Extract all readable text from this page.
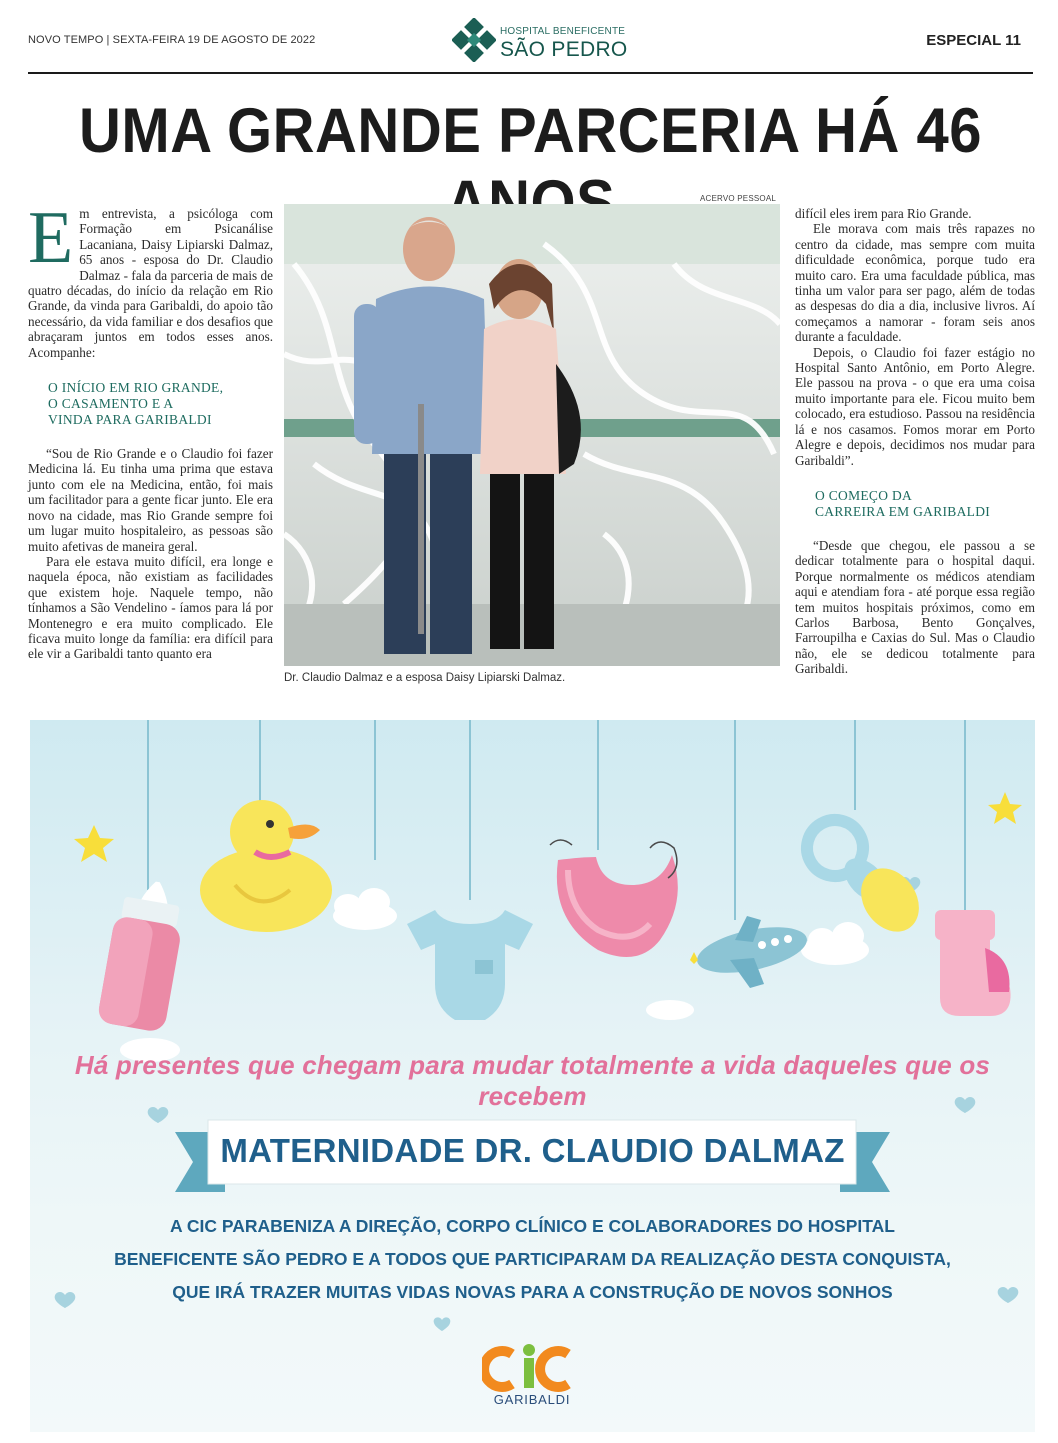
NOVO TEMPO | SEXTA-FEIRA 19 DE AGOSTO DE 2022
HOSPITAL BENEFICENTE
SÃO PEDRO	ESPECIAL 11
UMA GRANDE PARCERIA HÁ 46

Em entrevista, a psicóloga com Formação em Psicanálise Lacaniana, Daisy Lipiarski Dalmaz, 65 anos - esposa do Dr. Claudio Dalmaz - fala da parceria de mais de quatro décadas, do início da relação em Rio Grande, da vinda para Garibaldi, do apoio tão necessário, da vida familiar e dos desafios que abraçaram juntos em todos esses anos. Acompanhe:

O INÍCIO EM RIO GRANDE,
O CASAMENTO E A
VINDA PARA GARIBALDI

“Sou de Rio Grande e o Claudio foi fazer Medicina lá. Eu tinha uma prima que estava junto com ele na Medicina, então, foi mais um facilitador para a gente ficar junto. Ele era novo na cidade, mas Rio Grande sempre foi um lugar muito hospitaleiro, as pessoas são muito afetivas de maneira geral.

Para ele estava muito difícil, era longe e naquela época, não existiam as facilidades que existem hoje. Naquele tempo, não tínhamos a São Vendelino - íamos para lá por Montenegro e era muito complicado. Ele ficava muito longe da família: era difícil para ele vir a Garibaldi tanto quanto era

ACERVO PESSOAL
Dr. Claudio Dalmaz e a esposa Daisy Lipiarski Dalmaz.

difícil eles irem para Rio Grande.

Ele morava com mais três rapazes no centro da cidade, mas sempre com muita dificuldade econômica, porque tudo era muito caro. Era uma faculdade pública, mas tinha um valor para ser pago, além de todas as despesas do dia a dia, inclusive livros. Aí começamos a namorar - foram seis anos durante a faculdade.

Depois, o Claudio foi fazer estágio no Hospital Santo Antônio, em Porto Alegre. Ele passou na prova - o que era uma coisa muito importante para ele. Ficou muito bem colocado, era estudioso. Passou na residência lá e nos casamos. Fomos morar em Porto Alegre e depois, decidimos nos mudar para Garibaldi”.

O COMEÇO DA
CARREIRA EM GARIBALDI

“Desde que chegou, ele passou a se dedicar totalmente para o hospital daqui. Porque normalmente os médicos atendiam aqui e atendiam fora - até porque essa região tem muitos hospitais próximos, como em Carlos Barbosa, Bento Gonçalves, Farroupilha e Caxias do Sul. Mas o Claudio não, ele se dedicou totalmente para Garibaldi.

Há presentes que chegam para mudar totalmente a vida daqueles que os recebem
MATERNIDADE DR. CLAUDIO DALMAZ
A CIC PARABENIZA A DIREÇÃO, CORPO CLÍNICO E COLABORADORES DO HOSPITAL
BENEFICENTE SÃO PEDRO E A TODOS QUE PARTICIPARAM DA REALIZAÇÃO DESTA CONQUISTA,
QUE IRÁ TRAZER MUITAS VIDAS NOVAS PARA A CONSTRUÇÃO DE NOVOS SONHOS
GARIBALDI
